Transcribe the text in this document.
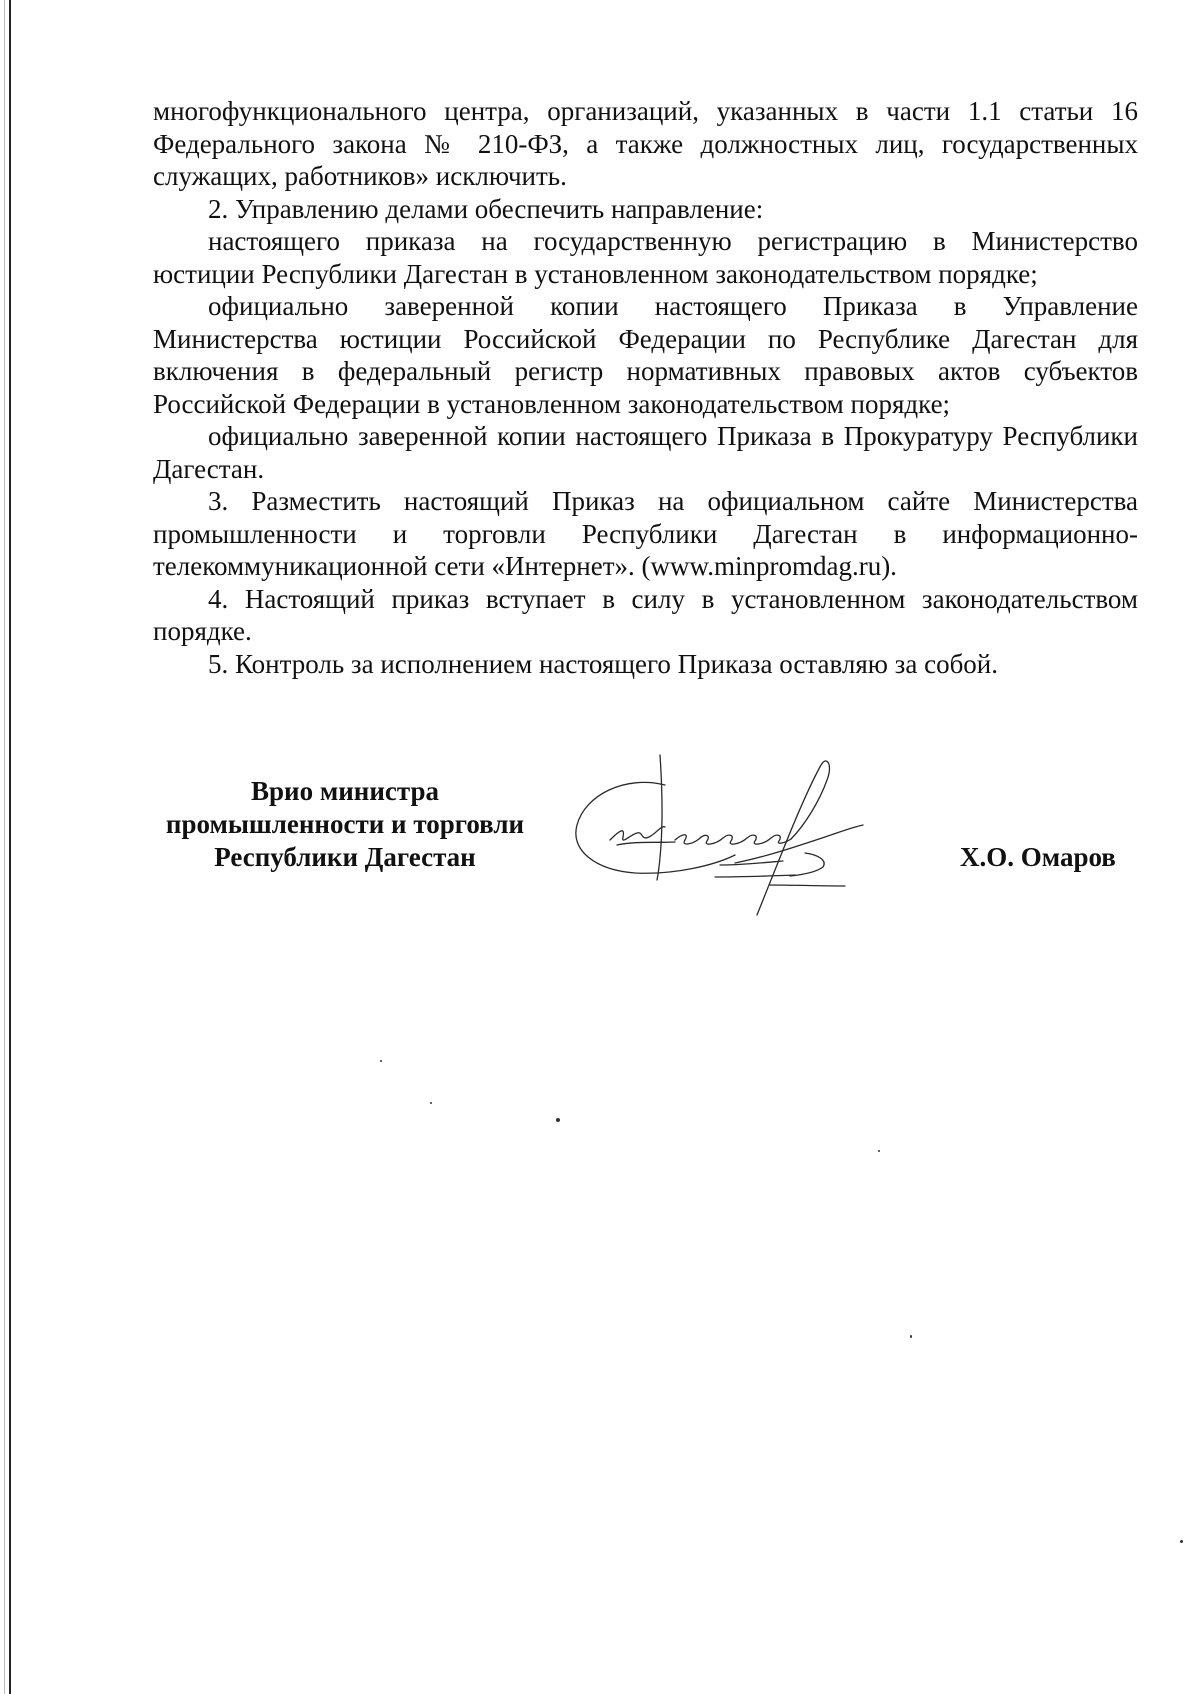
многофункционального центра, организаций, указанных в части 1.1 статьи 16

Федерального закона № 210-ФЗ, а также должностных лиц, государственных

служащих, работников» исключить.

2. Управлению делами обеспечить направление:

настоящего приказа на государственную регистрацию в Министерство

юстиции Республики Дагестан в установленном законодательством порядке;

официально заверенной копии настоящего Приказа в Управление

Министерства юстиции Российской Федерации по Республике Дагестан для

включения в федеральный регистр нормативных правовых актов субъектов

Российской Федерации в установленном законодательством порядке;

официально заверенной копии настоящего Приказа в Прокуратуру Республики

Дагестан.

3. Разместить настоящий Приказ на официальном сайте Министерства

промышленности и торговли Республики Дагестан в информационно-

телекоммуникационной сети «Интернет». (www.minpromdag.ru).

4. Настоящий приказ вступает в силу в установленном законодательством

порядке.

5. Контроль за исполнением настоящего Приказа оставляю за собой.

Врио министра
промышленности и торговли
Республики Дагестан	Х.О. Омаров
